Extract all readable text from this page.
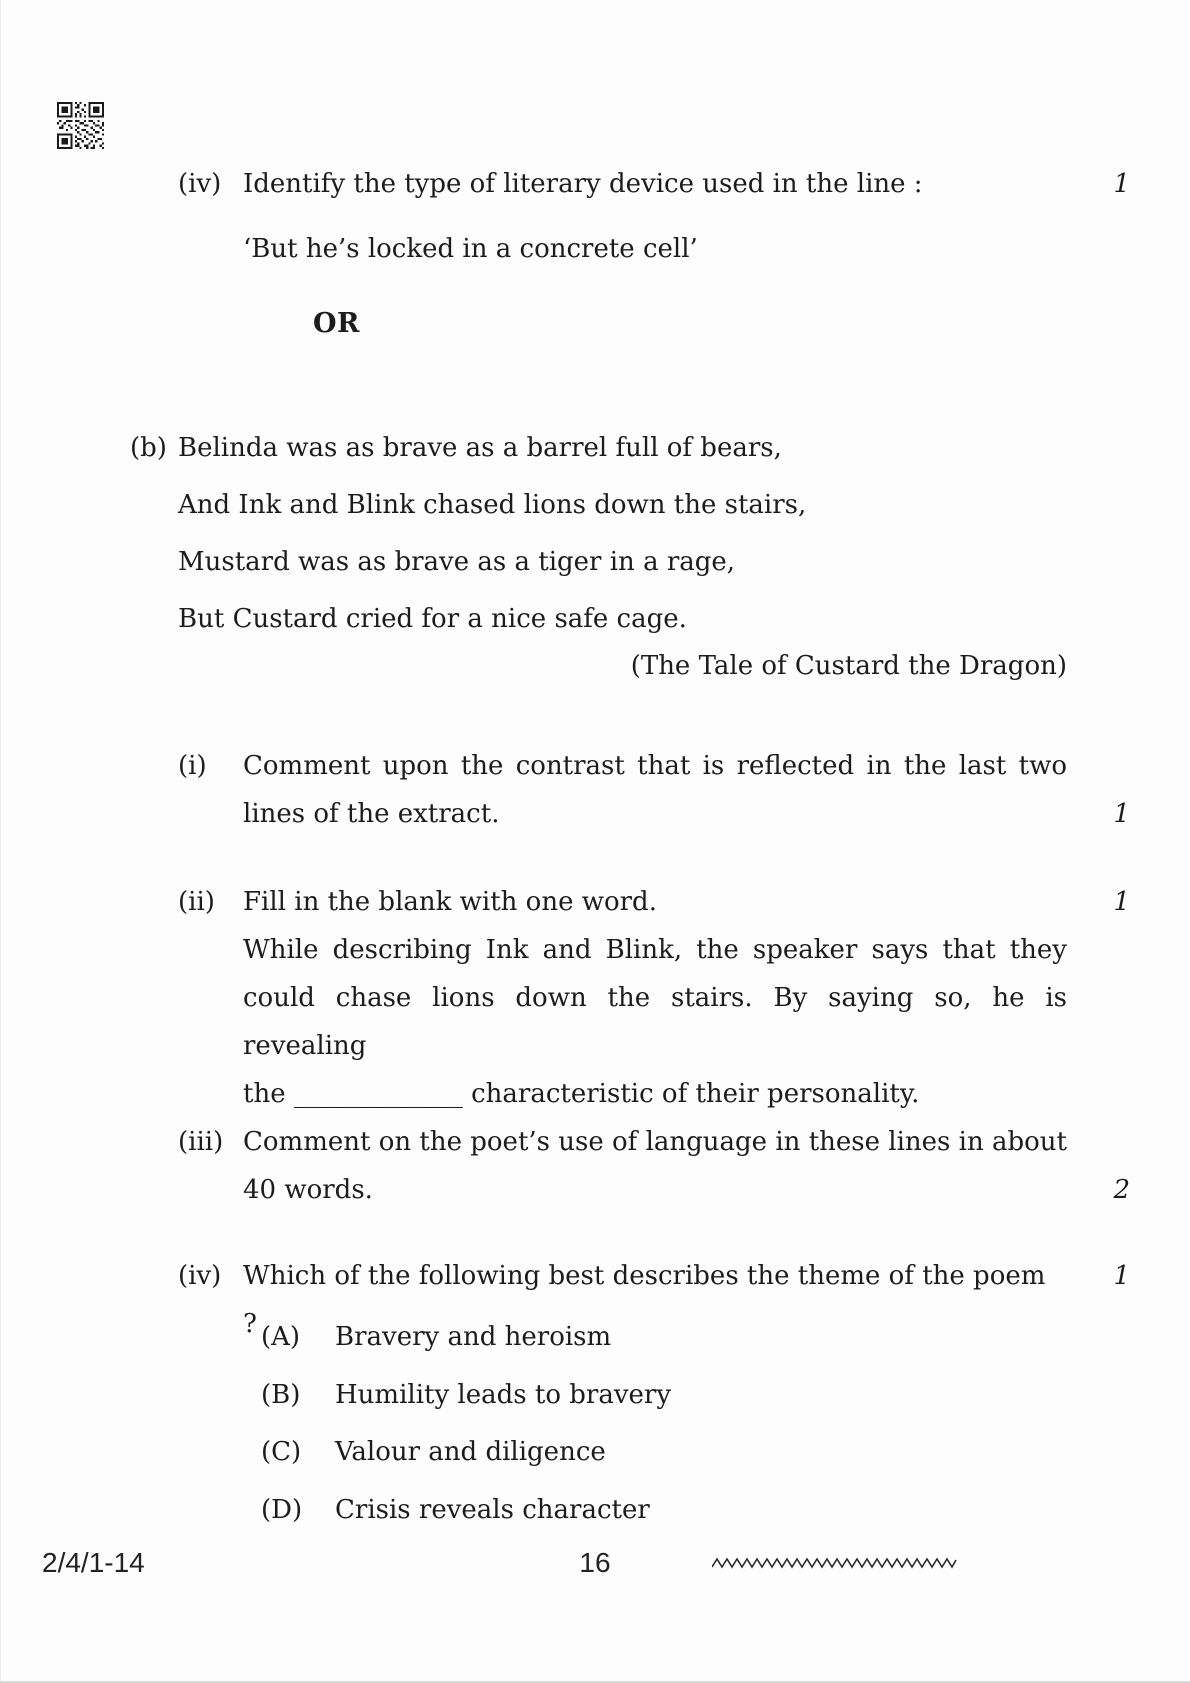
(iv) Identify the type of literary device used in the line :	1
‘But he’s locked in a concrete cell’
OR
(b) Belinda was as brave as a barrel full of bears,
And Ink and Blink chased lions down the stairs,
Mustard was as brave as a tiger in a rage,
But Custard cried for a nice safe cage.
(The Tale of Custard the Dragon)
(i) Comment upon the contrast that is reflected in the last two
lines of the extract.	1
(ii) Fill in the blank with one word.
While describing Ink and Blink, the speaker says that they
could chase lions down the stairs. By saying so, he is revealing
the _____________ characteristic of their personality.
1
(iii) Comment on the poet’s use of language in these lines in about
40 words.	2
(iv) Which of the following best describes the theme of the poem ?
1
(A) Bravery and heroism
(B) Humility leads to bravery
(C) Valour and diligence
(D) Crisis reveals character
2/4/1-14	16
